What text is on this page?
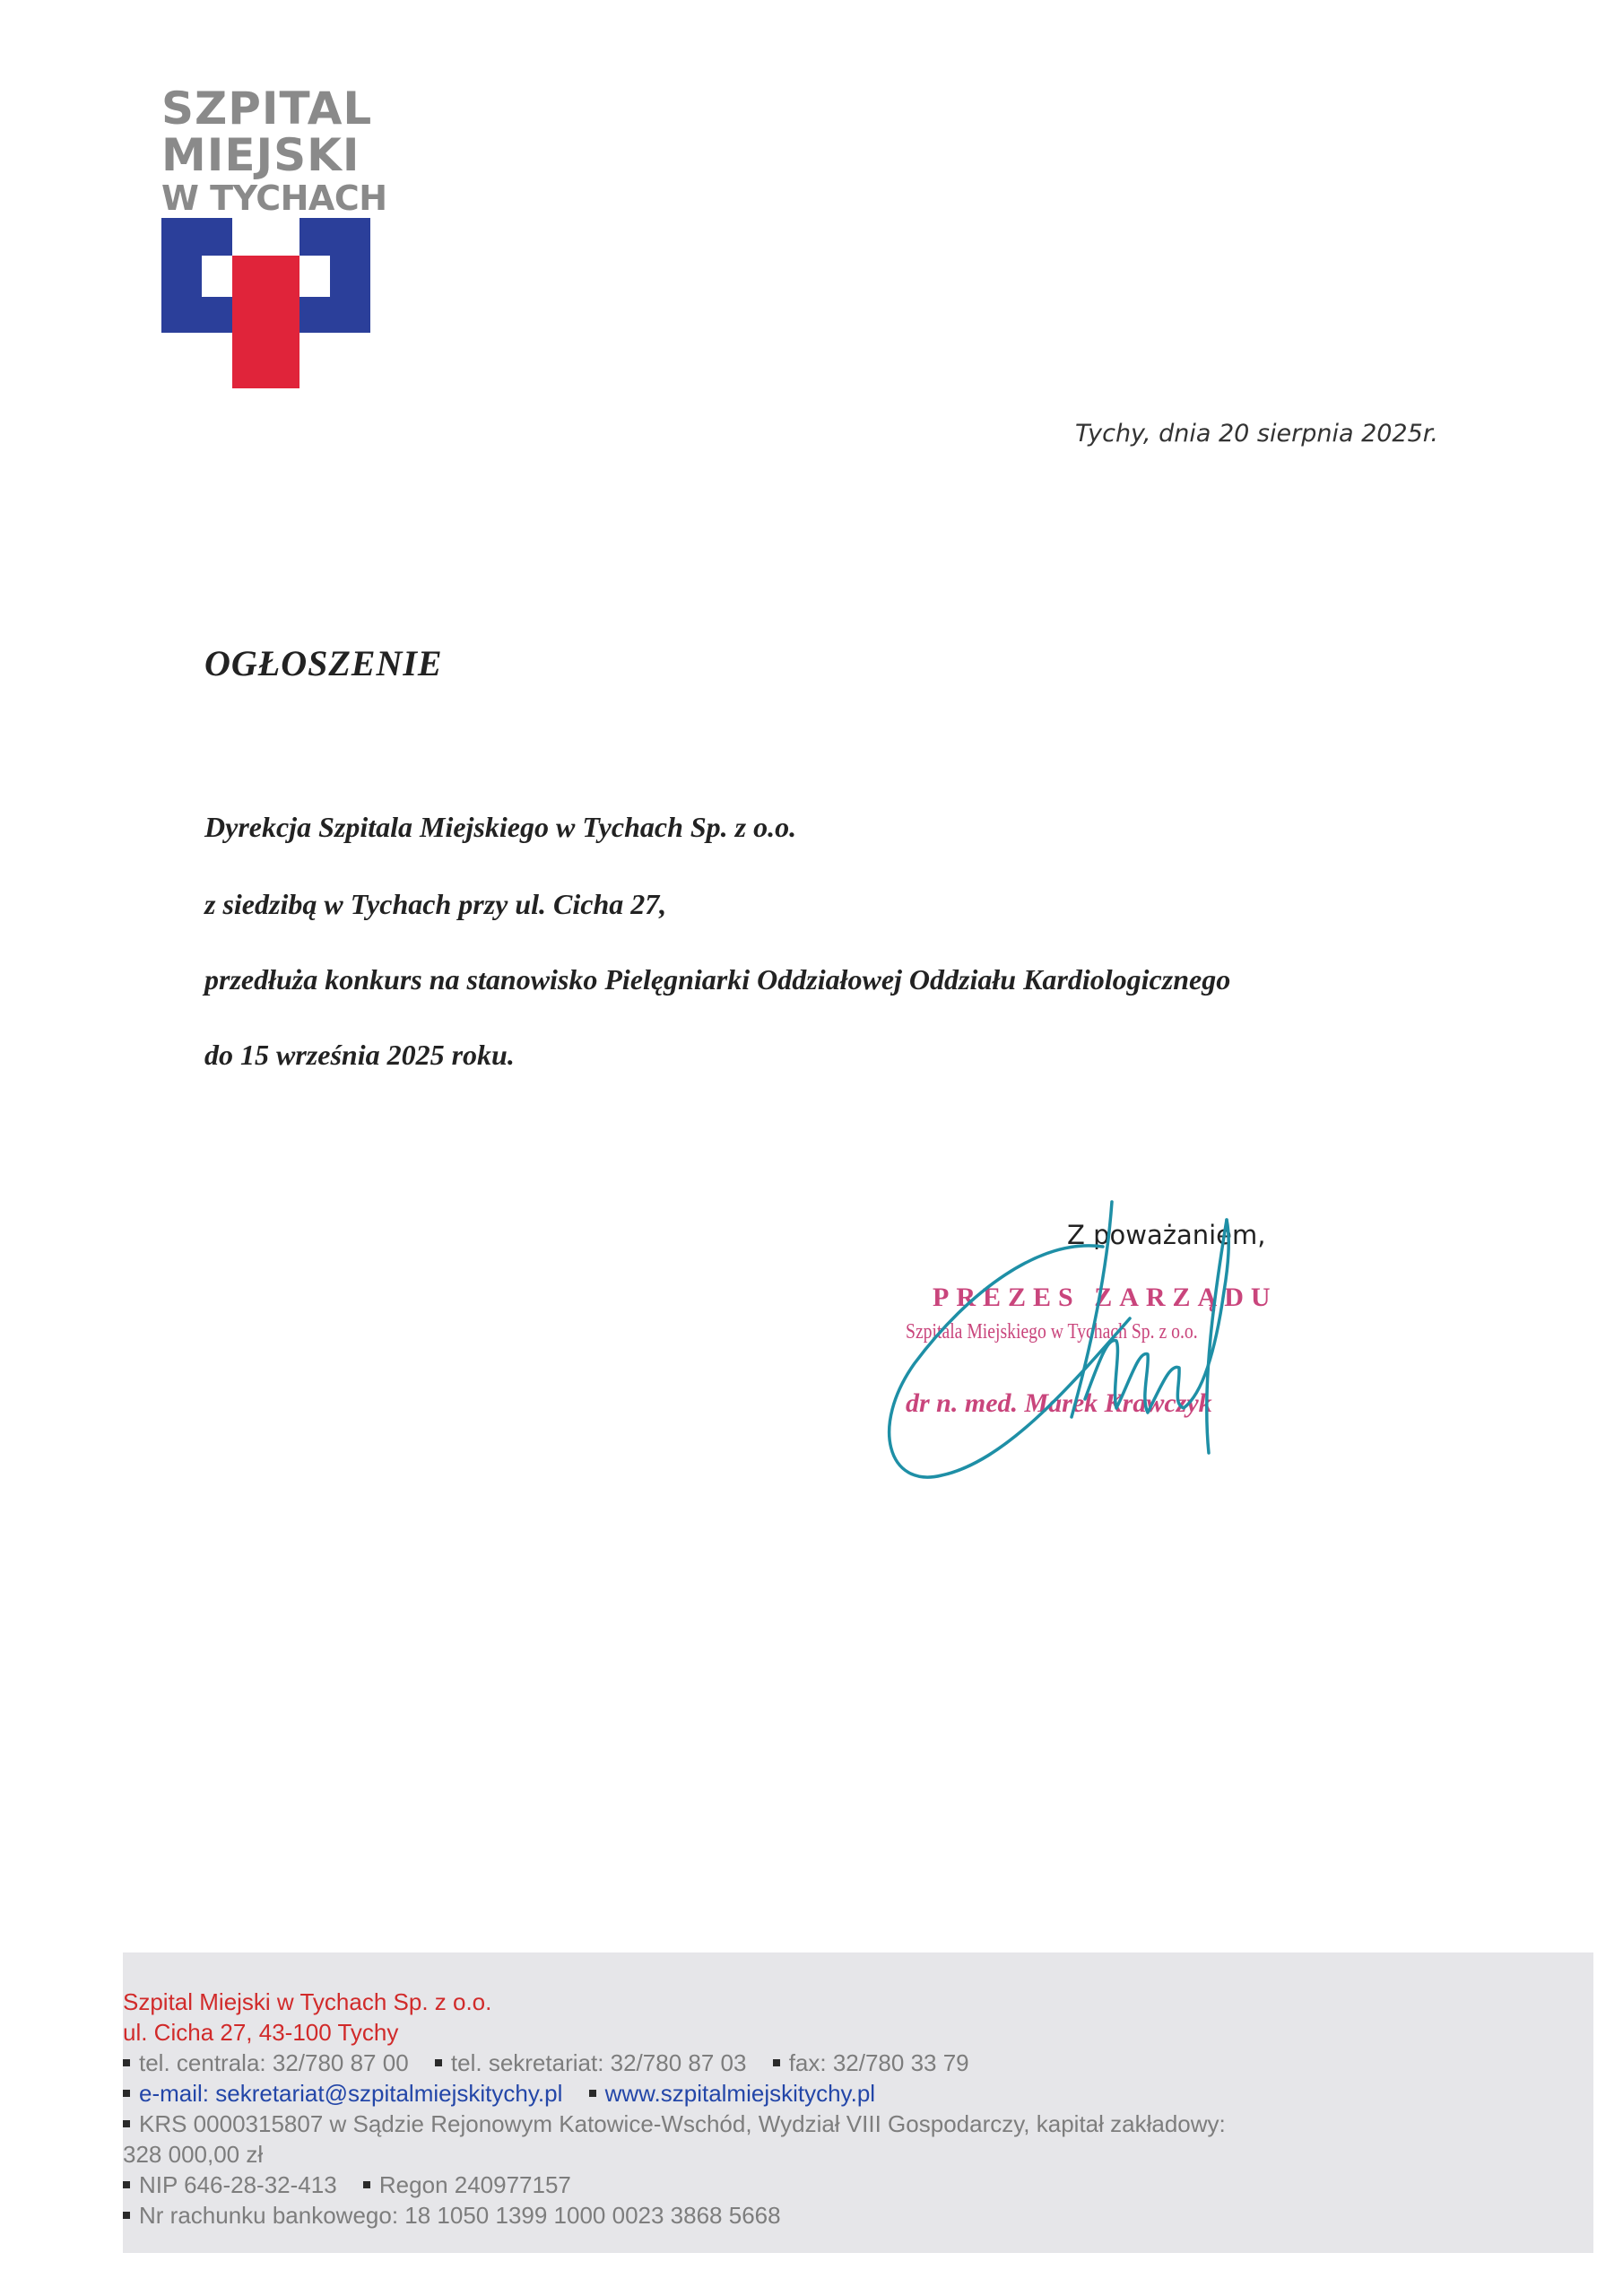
SZPITAL
MIEJSKI
W TYCHACH
Tychy, dnia 20 sierpnia 2025r.
OGŁOSZENIE
Dyrekcja Szpitala Miejskiego w Tychach Sp. z o.o.
z siedzibą w Tychach przy ul. Cicha 27,
przedłuża konkurs na stanowisko Pielęgniarki Oddziałowej Oddziału Kardiologicznego
do 15 września 2025 roku.
Z poważaniem,
PREZES ZARZĄDU
Szpitala Miejskiego w Tychach Sp. z o.o.
dr n. med. Marek Krawczyk
Szpital Miejski w Tychach Sp. z o.o.
ul. Cicha 27, 43-100 Tychy
tel. centrala: 32/780 87 00 tel. sekretariat: 32/780 87 03 fax: 32/780 33 79
e-mail: sekretariat@szpitalmiejskitychy.pl www.szpitalmiejskitychy.pl
KRS 0000315807 w Sądzie Rejonowym Katowice-Wschód, Wydział VIII Gospodarczy, kapitał zakładowy:
328 000,00 zł
NIP 646-28-32-413 Regon 240977157
Nr rachunku bankowego: 18 1050 1399 1000 0023 3868 5668
